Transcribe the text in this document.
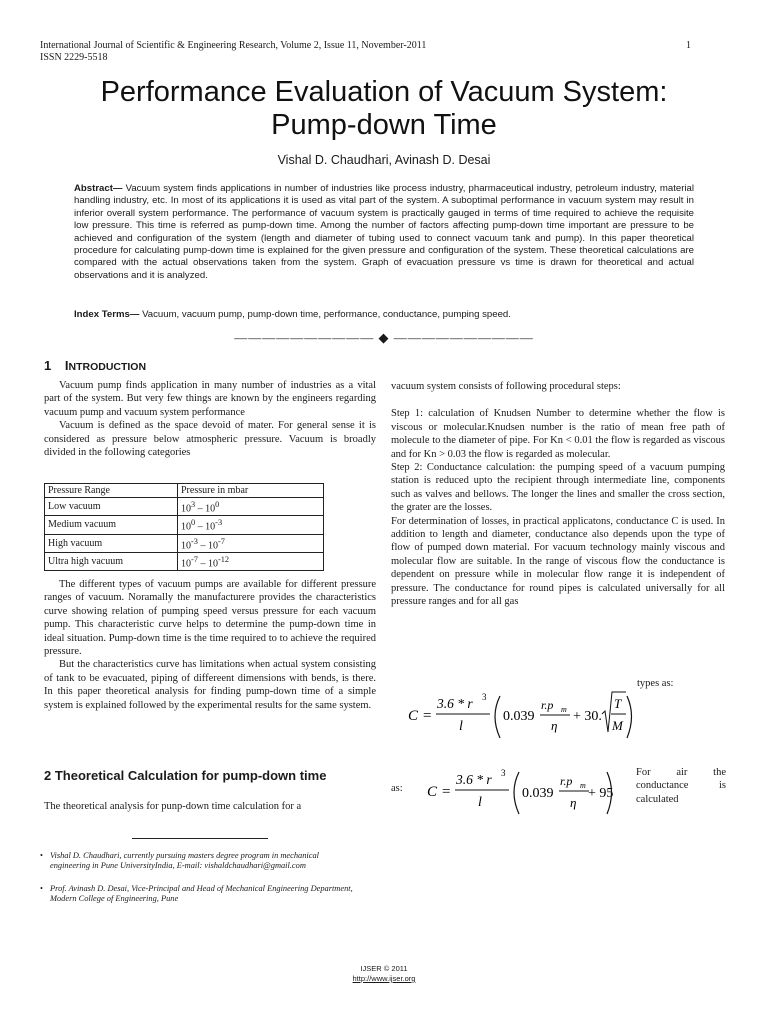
International Journal of Scientific & Engineering Research, Volume 2, Issue 11, November-2011
ISSN 2229-5518
1
Performance Evaluation of Vacuum System:
Pump-down Time
Vishal D. Chaudhari, Avinash D. Desai
Abstract— Vacuum system finds applications in number of industries like process industry, pharmaceutical industry, petroleum industry, material handling industry, etc. In most of its applications it is used as vital part of the system. A suboptimal performance in vacuum system may result in inferior overall system performance. The performance of vacuum system is practically gauged in terms of time required to achieve the requisite low pressure. This time is referred as pump-down time. Among the number of factors affecting pump-down time important are pressure to be achieved and configuration of the system (length and diameter of tubing used to connect vacuum tank and pump). In this paper theoretical procedure for calculating pump-down time is explained for the given pressure and configuration of the system. These theoretical calculations are compared with the actual observations taken from the system. Graph of evacuation pressure vs time is drawn for theoretical and actual observations and it is analyzed.
Index Terms— Vacuum, vacuum pump, pump-down time, performance, conductance, pumping speed.
—————————— ◆ ——————————
1 INTRODUCTION

Vacuum pump finds application in many number of industries as a vital part of the system. But very few things are known by the engineers regarding vacuum pump and vacuum system performance

Vacuum is defined as the space devoid of mater. For general sense it is considered as pressure below atmospheric pressure. Vacuum is broadly divided in the following categories

Pressure Range	Pressure in mbar
Low vacuum	$10^3 - 10^0$
Medium vacuum	$10^0 - 10^{-3}$
High vacuum	$10^{-3} - 10^{-7}$
Ultra high vacuum	$10^{-7} - 10^{-12}$

The different types of vacuum pumps are available for different pressure ranges of vacuum. Noramally the manufacturere provides the characteristics curve showing relation of pumping speed versus pressure for each vacuum pump. This characteristic curve helps to determine the pump-down time in ideal situation. Pump-down time is the time required to to achieve the required pressure.

But the characteristics curve has limitations when actual system consisting of tank to be evacuated, piping of differeent dimensions with bends, is there. In this paper theoretical analysis for finding pump-down time of a simple system is explained followed by the experimental results for the same system.

2 Theoretical Calculation for pump-down time

The theoretical analysis for punp-down time calculation for a

• Vishal D. Chaudhari, currently pursuing masters degree program in mechanical engineering in Pune UniversityIndia, E-mail: vishaldchaudhari@gmail.com
• Prof. Avinash D. Desai, Vice-Principal and Head of Mechanical Engineering Department, Modern College of Engineering, Pune

vacuum system consists of following procedural steps:

Step 1: calculation of Knudsen Number to determine whether the flow is viscous or molecular.Knudsen number is the ratio of mean free path of molecule to the diameter of pipe. For Kn < 0.01 the flow is regarded as viscous and for Kn > 0.03 the flow is regarded as molecular.

Step 2: Conductance calculation: the pumping speed of a vacuum pumping station is reduced upto the recipient through intermediate line, components such as valves and bellows. The longer the lines and smaller the cross section, the grater are the losses.

For determination of losses, in practical applicatons, conductance C is used. In addition to length and diameter, conductance also depends upon the type of flow of pumped down material. For vacuum technology mainly viscous and molecular flow are suitable. In the range of viscous flow the conductance is dependent on pressure while in molecular flow range it is independent of pressure. The conductance for round pipes is calculated universally for all pressure ranges and for all gas

types as:
C =
3.6 * r 3
l
0.039
r.p m
η
+ 30.
T
M
as: C =
3.6 * r 3
l
0.039
r.p m
η
+ 95
For air the conductance is calculated
IJSER © 2011
http://www.ijser.org
